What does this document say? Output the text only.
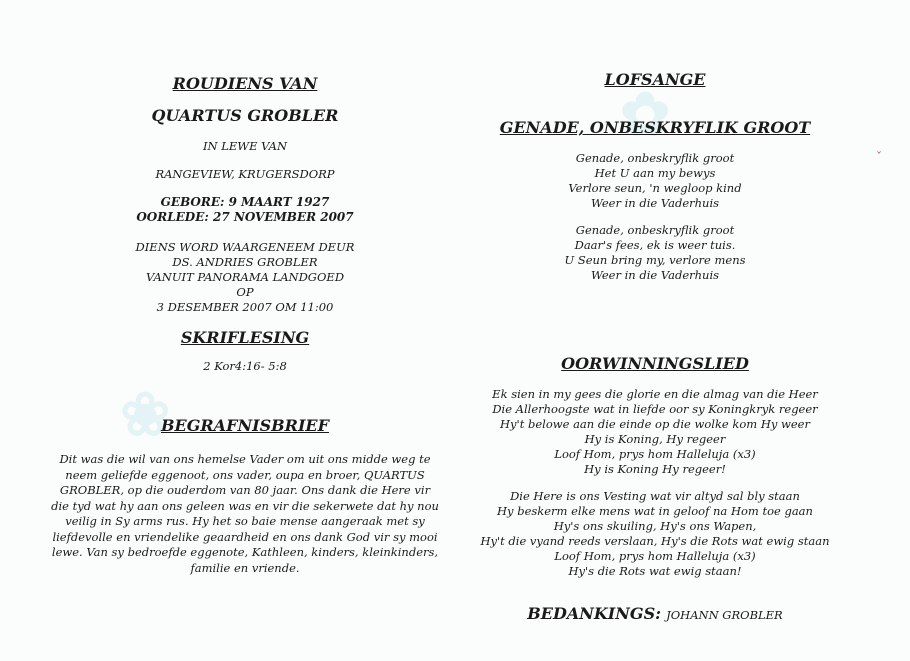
✿
❀
ˇ
ROUDIENS VAN
QUARTUS GROBLER
IN LEWE VAN
RANGEVIEW, KRUGERSDORP
GEBORE: 9 MAART 1927
OORLEDE: 27 NOVEMBER 2007
DIENS WORD WAARGENEEM DEUR
DS. ANDRIES GROBLER
VANUIT PANORAMA LANDGOED
OP
3 DESEMBER 2007 OM 11:00
SKRIFLESING
2 Kor4:16- 5:8
BEGRAFNISBRIEF
Dit was die wil van ons hemelse Vader om uit ons midde weg te
neem geliefde eggenoot, ons vader, oupa en broer, QUARTUS
GROBLER, op die ouderdom van 80 jaar. Ons dank die Here vir
die tyd wat hy aan ons geleen was en vir die sekerwete dat hy nou
veilig in Sy arms rus. Hy het so baie mense aangeraak met sy
liefdevolle en vriendelike geaardheid en ons dank God vir sy mooi
lewe. Van sy bedroefde eggenote, Kathleen, kinders, kleinkinders,
familie en vriende.
LOFSANGE
GENADE, ONBESKRYFLIK GROOT
Genade, onbeskryflik groot
Het U aan my bewys
Verlore seun, 'n wegloop kind
Weer in die Vaderhuis
Genade, onbeskryflik groot
Daar's fees, ek is weer tuis.
U Seun bring my, verlore mens
Weer in die Vaderhuis
OORWINNINGSLIED
Ek sien in my gees die glorie en die almag van die Heer
Die Allerhoogste wat in liefde oor sy Koningkryk regeer
Hy't belowe aan die einde op die wolke kom Hy weer
Hy is Koning, Hy regeer
Loof Hom, prys hom Halleluja (x3)
Hy is Koning Hy regeer!
Die Here is ons Vesting wat vir altyd sal bly staan
Hy beskerm elke mens wat in geloof na Hom toe gaan
Hy's ons skuiling, Hy's ons Wapen,
Hy't die vyand reeds verslaan, Hy's die Rots wat ewig staan
Loof Hom, prys hom Halleluja (x3)
Hy's die Rots wat ewig staan!
BEDANKINGS: JOHANN GROBLER
